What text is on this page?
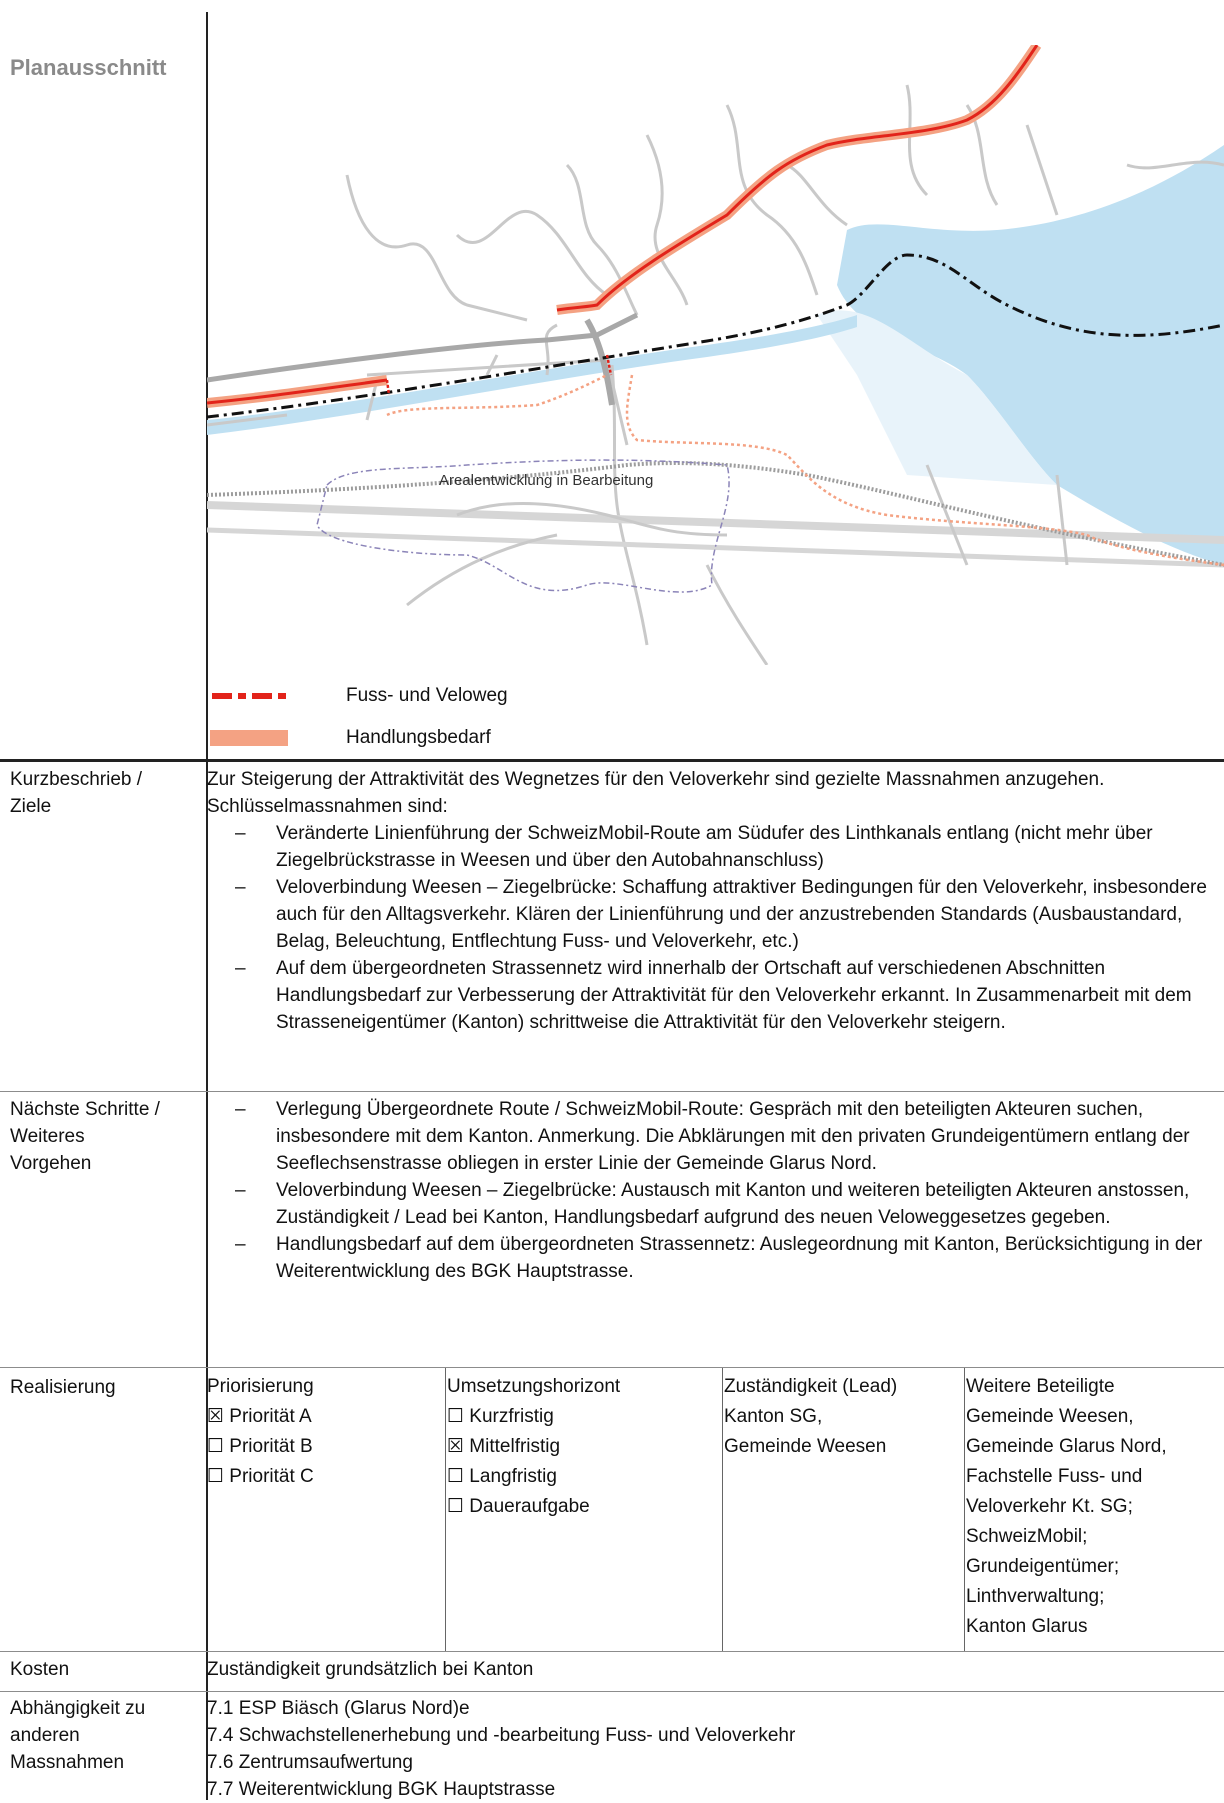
Planausschnitt
Arealentwicklung in Bearbeitung
Fuss- und Veloweg
Handlungsbedarf
Kurzbeschrieb /
Ziele
Zur Steigerung der Attraktivität des Wegnetzes für den Veloverkehr sind gezielte Massnahmen anzugehen. Schlüsselmassnahmen sind:
– Veränderte Linienführung der SchweizMobil-Route am Südufer des Linthkanals entlang (nicht mehr über Ziegelbrückstrasse in Weesen und über den Autobahnanschluss)
– Veloverbindung Weesen – Ziegelbrücke: Schaffung attraktiver Bedingungen für den Veloverkehr, insbesondere auch für den Alltagsverkehr. Klären der Linienführung und der anzustrebenden Standards (Ausbaustandard, Belag, Beleuchtung, Entflechtung Fuss- und Veloverkehr, etc.)
– Auf dem übergeordneten Strassennetz wird innerhalb der Ortschaft auf verschiedenen Abschnitten Handlungsbedarf zur Verbesserung der Attraktivität für den Veloverkehr erkannt. In Zusammenarbeit mit dem Strasseneigentümer (Kanton) schrittweise die Attraktivität für den Veloverkehr steigern.
Nächste Schritte /
Weiteres
Vorgehen
– Verlegung Übergeordnete Route / SchweizMobil-Route: Gespräch mit den beteiligten Akteuren suchen, insbesondere mit dem Kanton. Anmerkung. Die Abklärungen mit den privaten Grundeigentümern entlang der Seeflechsenstrasse obliegen in erster Linie der Gemeinde Glarus Nord.
– Veloverbindung Weesen – Ziegelbrücke: Austausch mit Kanton und weiteren beteiligten Akteuren anstossen, Zuständigkeit / Lead bei Kanton, Handlungsbedarf aufgrund des neuen Veloweggesetzes gegeben.
– Handlungsbedarf auf dem übergeordneten Strassennetz: Auslegeordnung mit Kanton, Berücksichtigung in der Weiterentwicklung des BGK Hauptstrasse.
Realisierung	Priorisierung
☒ Priorität A
☐ Priorität B
☐ Priorität C
Umsetzungshorizont
☐ Kurzfristig
☒ Mittelfristig
☐ Langfristig
☐ Daueraufgabe
Zuständigkeit (Lead)
Kanton SG,
Gemeinde Weesen
Weitere Beteiligte
Gemeinde Weesen,
Gemeinde Glarus Nord,
Fachstelle Fuss- und
Veloverkehr Kt. SG;
SchweizMobil;
Grundeigentümer;
Linthverwaltung;
Kanton Glarus
Kosten	Zuständigkeit grundsätzlich bei Kanton
Abhängigkeit zu
anderen
Massnahmen
7.1 ESP Biäsch (Glarus Nord)e
7.4 Schwachstellenerhebung und -bearbeitung Fuss- und Veloverkehr
7.6 Zentrumsaufwertung
7.7 Weiterentwicklung BGK Hauptstrasse
